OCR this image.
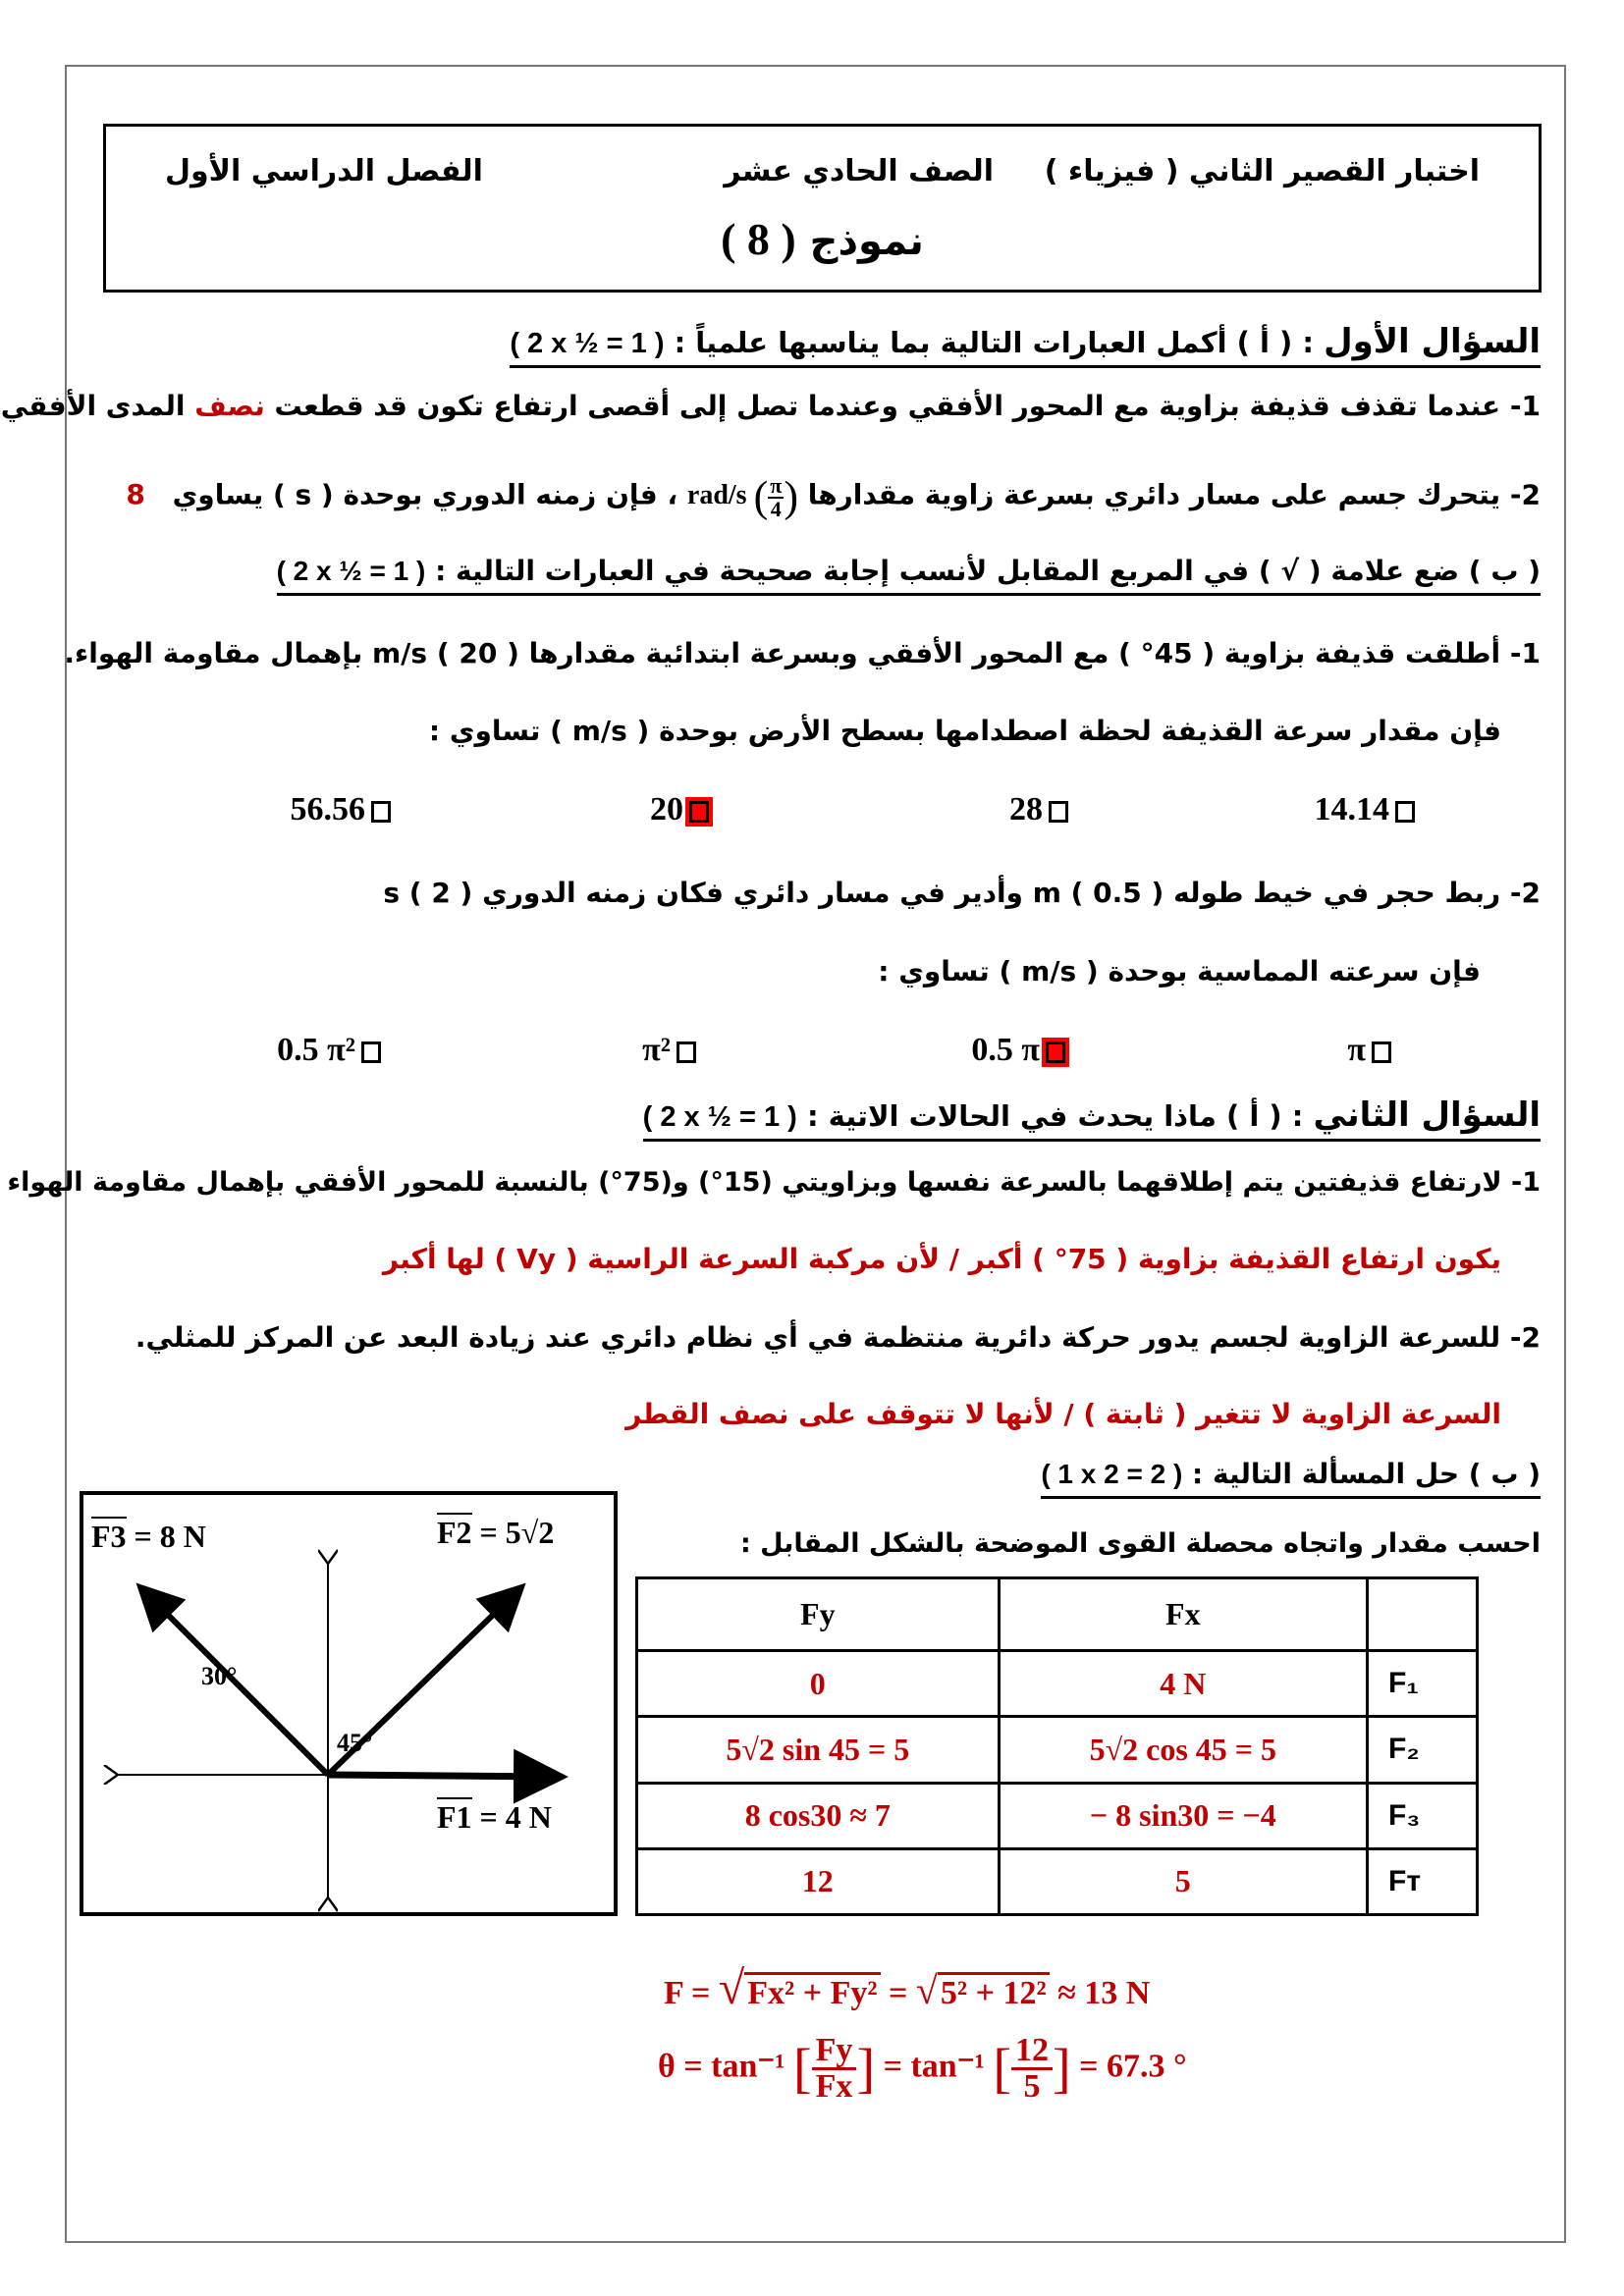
اختبار القصير الثاني ( فيزياء )
الصف الحادي عشر
الفصل الدراسي الأول
نموذج ( 8 )
السؤال الأول : ( أ ) أكمل العبارات التالية بما يناسبها علمياً : ( 2 x ½ = 1 )
1- عندما تقذف قذيفة بزاوية مع المحور الأفقي وعندما تصل إلى أقصى ارتفاع تكون قد قطعت نصف المدى الأفقي
2- يتحرك جسم على مسار دائري بسرعة زاوية مقدارها rad/s ( $\frac{\pi}{4}$ ) ، فإن زمنه الدوري بوحدة ( s ) يساوي 8
( ب ) ضع علامة ( √ ) في المربع المقابل لأنسب إجابة صحيحة في العبارات التالية : ( 2 x ½ = 1 )
1- أطلقت قذيفة بزاوية ( 45° ) مع المحور الأفقي وبسرعة ابتدائية مقدارها m/s ( 20 ) بإهمال مقاومة الهواء.
فإن مقدار سرعة القذيفة لحظة اصطدامها بسطح الأرض بوحدة ( m/s ) تساوي :
14.14
28
20
56.56
2- ربط حجر في خيط طوله m ( 0.5 ) وأدير في مسار دائري فكان زمنه الدوري s ( 2 )
فإن سرعته المماسية بوحدة ( m/s ) تساوي :
π
0.5 π
π²
0.5 π²
السؤال الثاني : ( أ ) ماذا يحدث في الحالات الاتية : ( 2 x ½ = 1 )
1- لارتفاع قذيفتين يتم إطلاقهما بالسرعة نفسها وبزاويتي (15°) و(75°) بالنسبة للمحور الأفقي بإهمال مقاومة الهواء
يكون ارتفاع القذيفة بزاوية ( 75° ) أكبر / لأن مركبة السرعة الراسية ( Vy ) لها أكبر
2- للسرعة الزاوية لجسم يدور حركة دائرية منتظمة في أي نظام دائري عند زيادة البعد عن المركز للمثلي.
السرعة الزاوية لا تتغير ( ثابتة ) / لأنها لا تتوقف على نصف القطر
( ب ) حل المسألة التالية : ( 1 x 2 = 2 )
احسب مقدار واتجاه محصلة القوى الموضحة بالشكل المقابل :
F3 = 8 N	F2 = 5√2
F1 = 4 N
30°
45°
Fy	Fx	
0	4 N	F₁
5√2 sin 45 = 5	5√2 cos 45 = 5	F₂
8 cos30 ≈ 7	− 8 sin30 = −4	F₃
12	5	Fᴛ
F = √Fx² + Fy² = √5² + 12² ≈ 13 N
θ = tan⁻¹ [ $\frac{Fy}{Fx}$ ] = tan⁻¹ [ $\frac{12}{5}$ ] = 67.3 °
